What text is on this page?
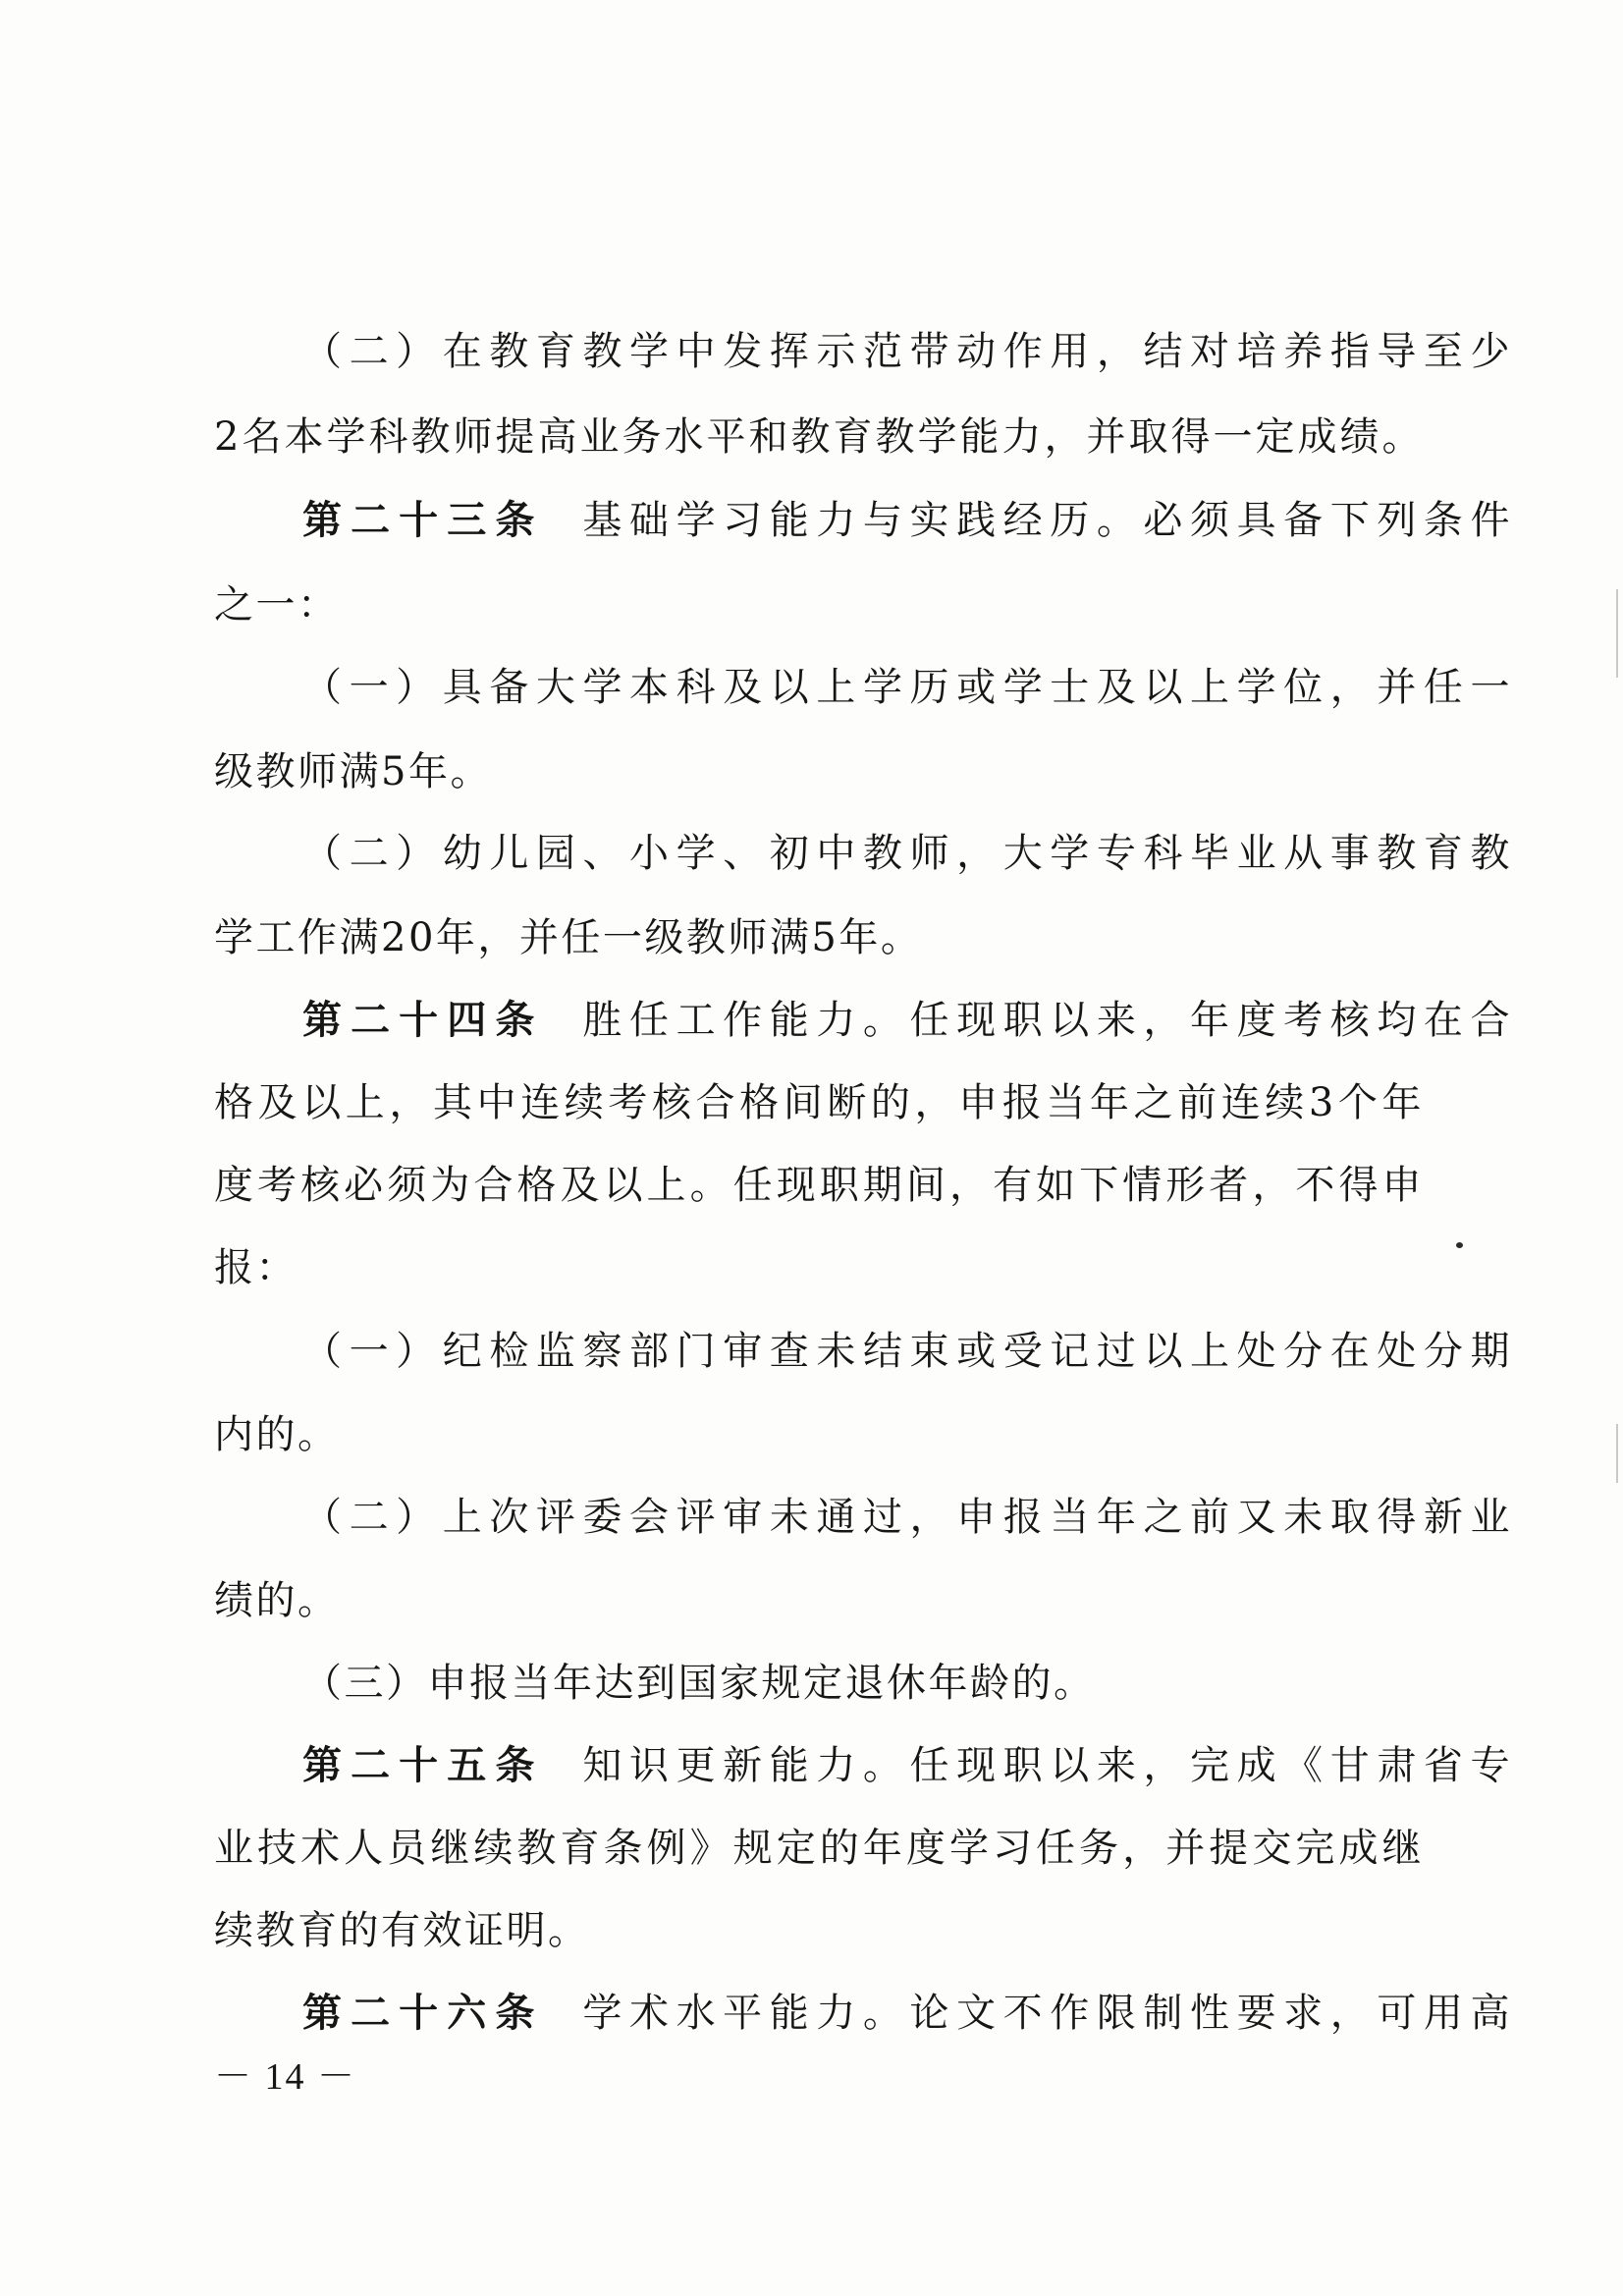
（二）在教育教学中发挥示范带动作用，结对培养指导至少
2名本学科教师提高业务水平和教育教学能力，并取得一定成绩。
第二十三条 基础学习能力与实践经历。必须具备下列条件
之一：
（一）具备大学本科及以上学历或学士及以上学位，并任一
级教师满5年。
（二）幼儿园、小学、初中教师，大学专科毕业从事教育教
学工作满20年，并任一级教师满5年。
第二十四条 胜任工作能力。任现职以来，年度考核均在合
格及以上，其中连续考核合格间断的，申报当年之前连续3个年
度考核必须为合格及以上。任现职期间，有如下情形者，不得申
报：
（一）纪检监察部门审查未结束或受记过以上处分在处分期
内的。
（二）上次评委会评审未通过，申报当年之前又未取得新业
绩的。
（三）申报当年达到国家规定退休年龄的。
第二十五条 知识更新能力。任现职以来，完成《甘肃省专
业技术人员继续教育条例》规定的年度学习任务，并提交完成继
续教育的有效证明。
第二十六条 学术水平能力。论文不作限制性要求，可用高
－ 14 －
